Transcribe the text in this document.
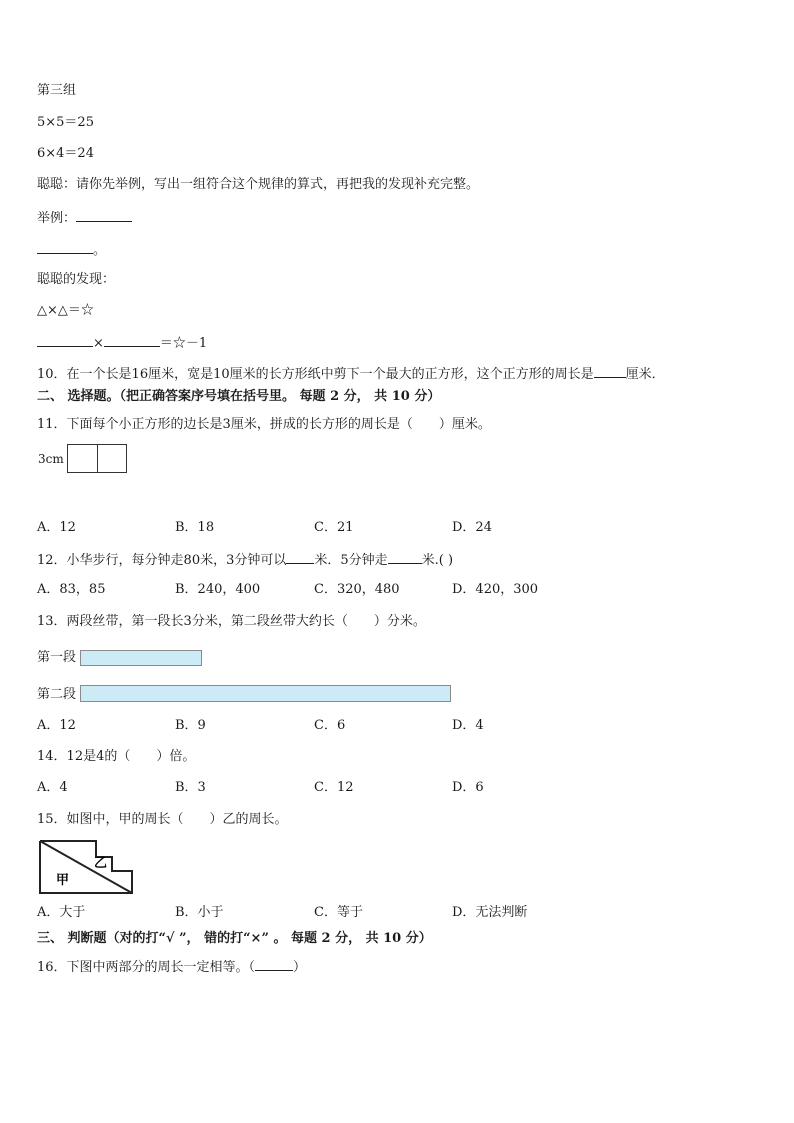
第三组
5×5＝25
6×4＝24
聪聪：请你先举例，写出一组符合这个规律的算式，再把我的发现补充完整。
举例：
。
聪聪的发现：
△×△＝☆
×	＝☆－1
10．在一个长是16厘米，宽是10厘米的长方形纸中剪下一个最大的正方形，这个正方形的周长是 厘米．
二、 选择题。（把正确答案序号填在括号里。 每题 2 分， 共 10 分）
11．下面每个小正方形的边长是3厘米，拼成的长方形的周长是（　　）厘米。
3cm
A．12	B．18	C．21	D．24
12．小华步行，每分钟走80米，3分钟可以 米．5分钟走	米.( )
A．83，85	B．240，400	C．320，480	D．420，300
13．两段丝带，第一段长3分米，第二段丝带大约长（　　）分米。
第一段
第二段
A．12	B．9	C．6	D．4
14．12是4的（　　）倍。
A．4	B．3	C．12	D．6
15．如图中，甲的周长（　　）乙的周长。
甲
乙
A．大于	B．小于	C．等于	D．无法判断
三、 判断题（对的打“√ ”， 错的打“×” 。 每题 2 分， 共 10 分）
16．下图中两部分的周长一定相等。（	）
